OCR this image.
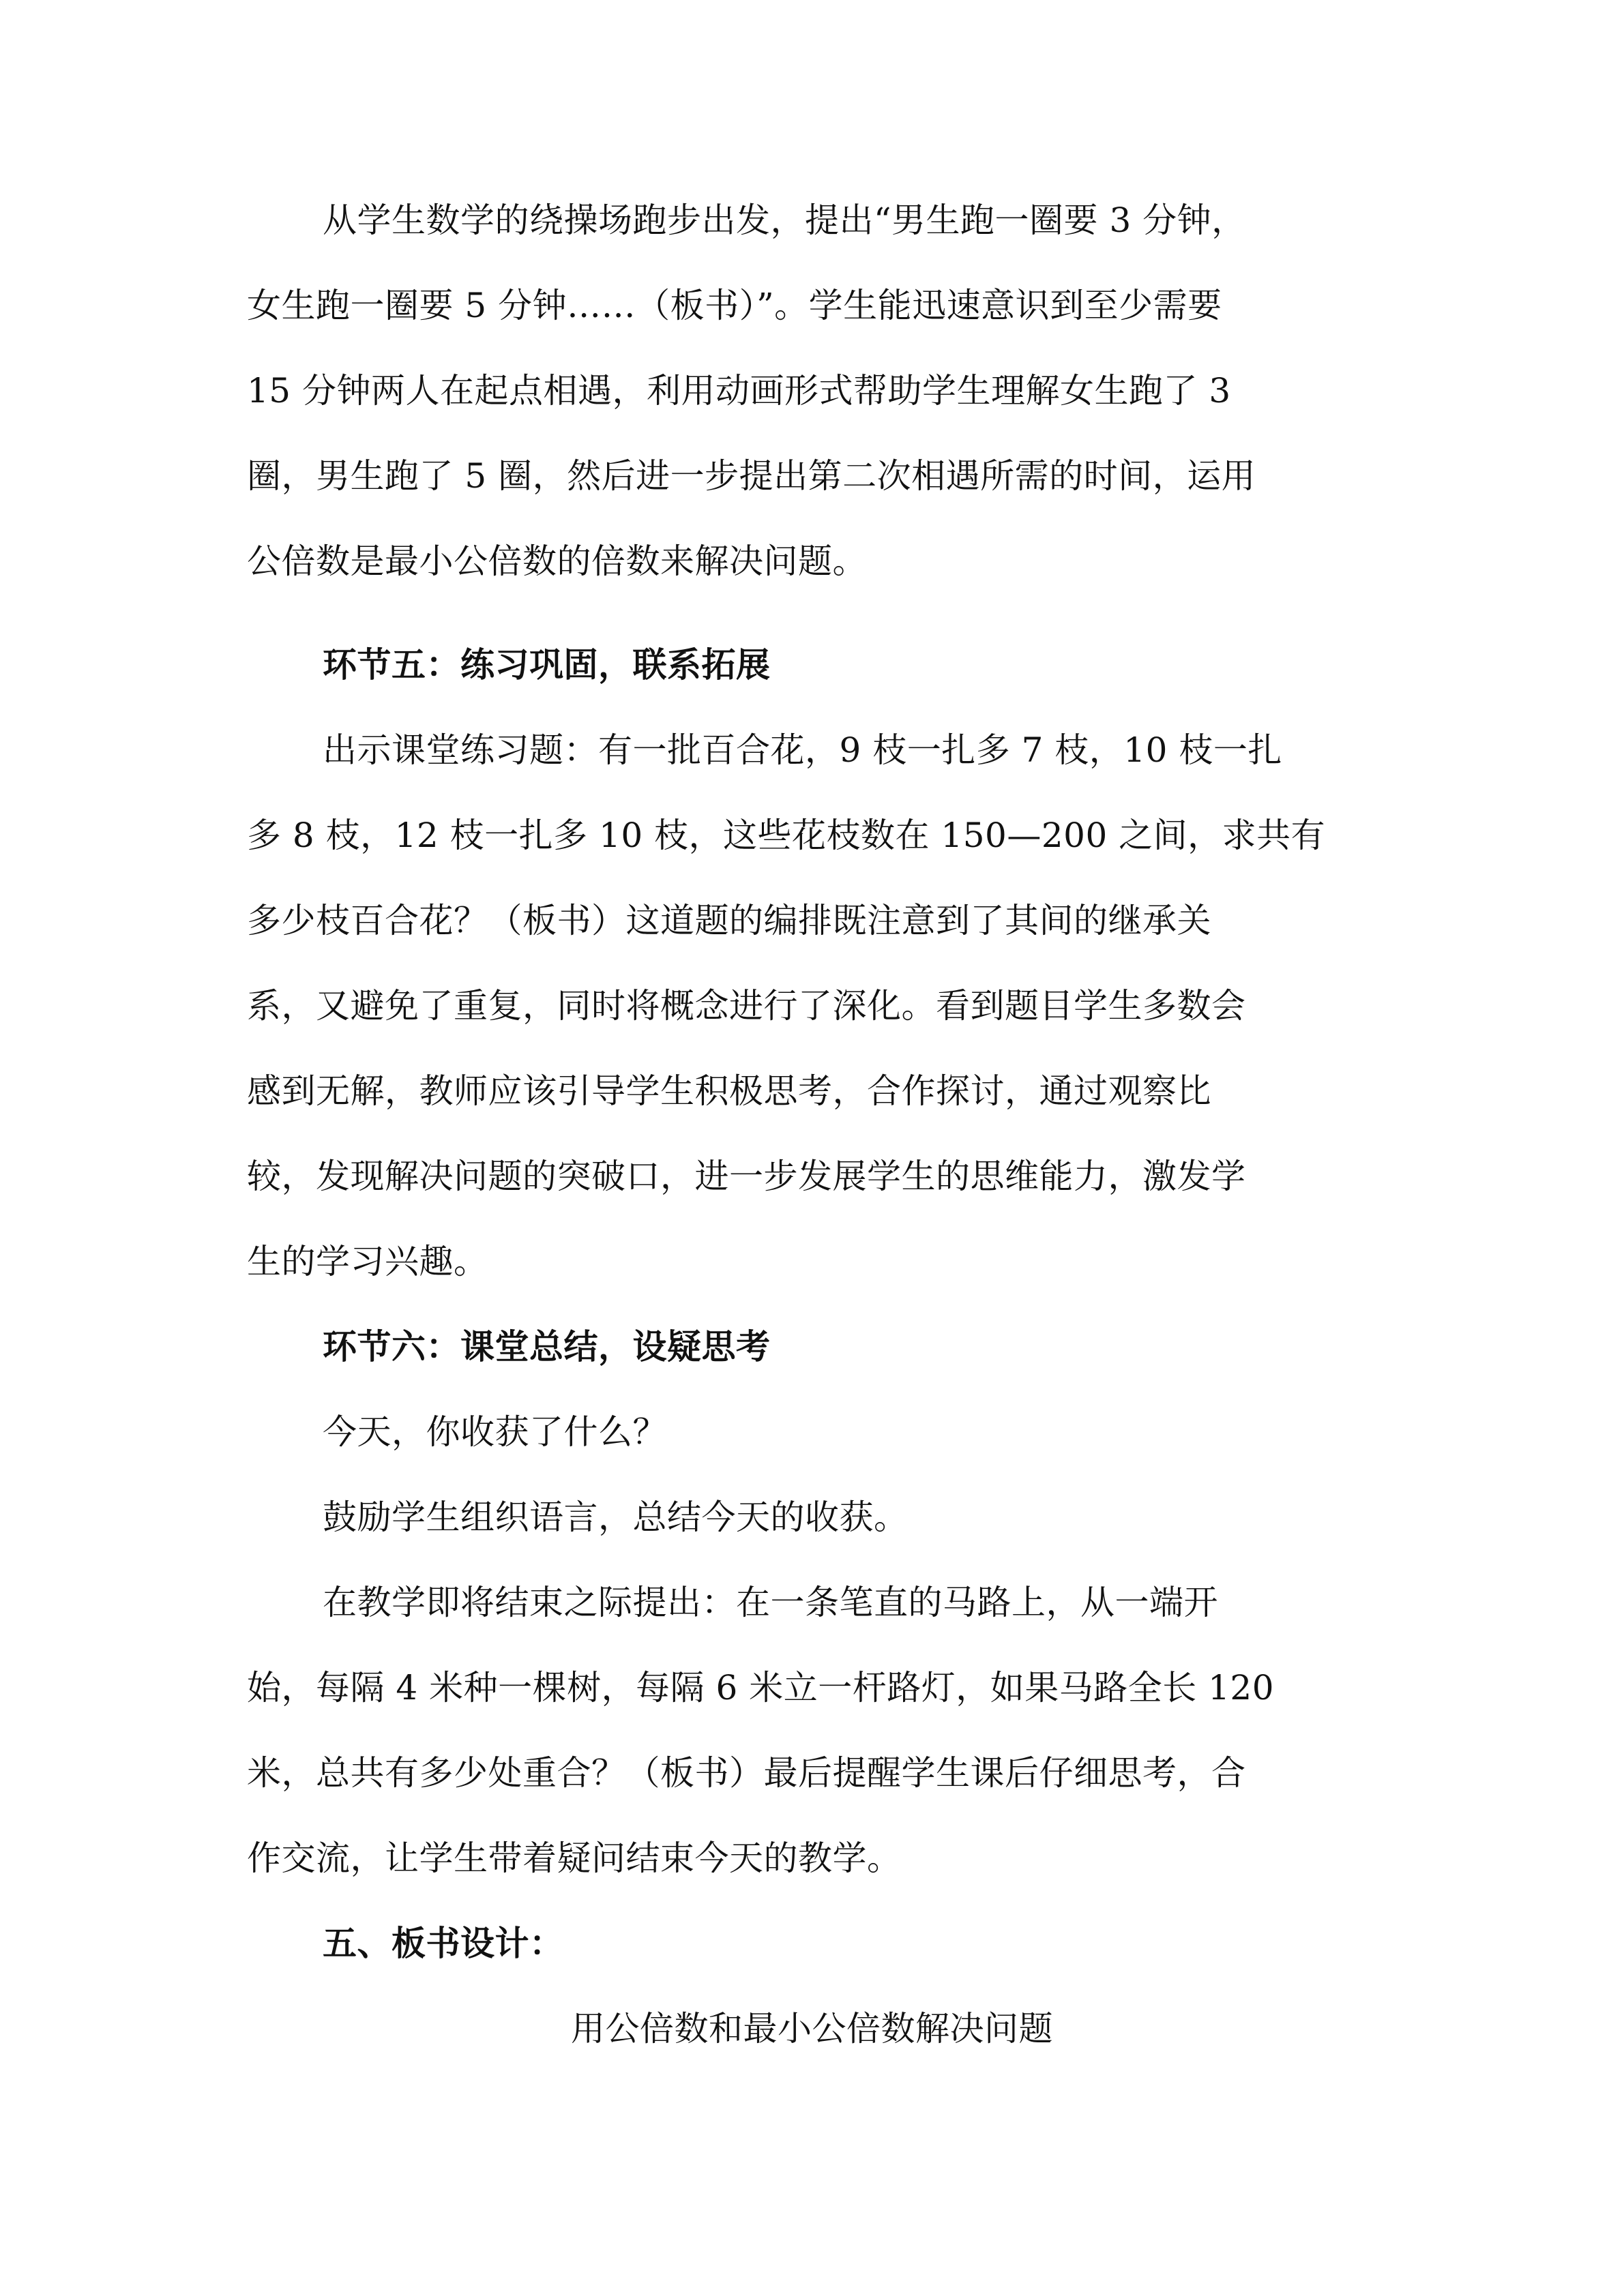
从学生数学的绕操场跑步出发，提出“男生跑一圈要 3 分钟，
女生跑一圈要 5 分钟……（板书）”。学生能迅速意识到至少需要
15 分钟两人在起点相遇，利用动画形式帮助学生理解女生跑了 3
圈，男生跑了 5 圈，然后进一步提出第二次相遇所需的时间，运用
公倍数是最小公倍数的倍数来解决问题。
环节五：练习巩固，联系拓展
出示课堂练习题：有一批百合花，9 枝一扎多 7 枝，10 枝一扎
多 8 枝，12 枝一扎多 10 枝，这些花枝数在 150—200 之间，求共有
多少枝百合花？（板书）这道题的编排既注意到了其间的继承关
系，又避免了重复，同时将概念进行了深化。看到题目学生多数会
感到无解，教师应该引导学生积极思考，合作探讨，通过观察比
较，发现解决问题的突破口，进一步发展学生的思维能力，激发学
生的学习兴趣。
环节六：课堂总结，设疑思考
今天，你收获了什么？
鼓励学生组织语言，总结今天的收获。
在教学即将结束之际提出：在一条笔直的马路上，从一端开
始，每隔 4 米种一棵树，每隔 6 米立一杆路灯，如果马路全长 120
米，总共有多少处重合？（板书）最后提醒学生课后仔细思考，合
作交流，让学生带着疑问结束今天的教学。
五、板书设计：
用公倍数和最小公倍数解决问题
